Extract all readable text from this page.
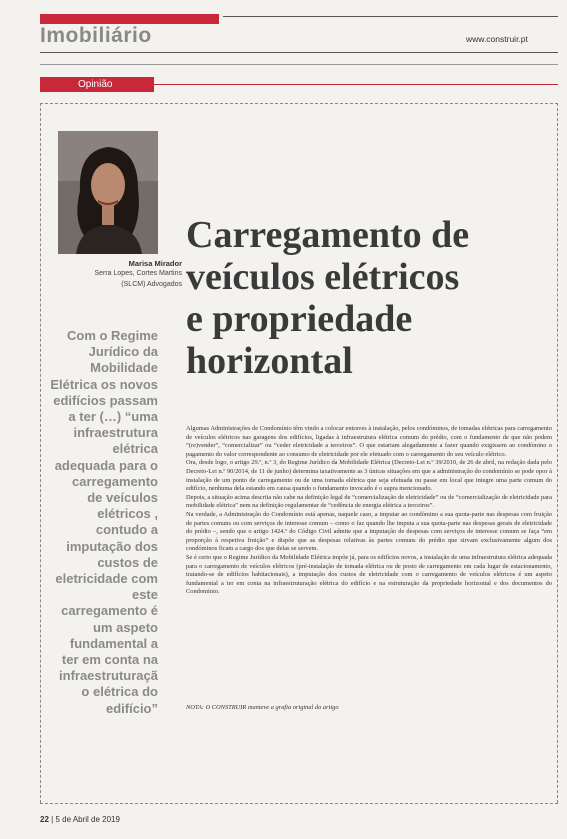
Imobiliário	www.construir.pt
Opinião
Marisa Mirador
Serra Lopes, Cortes Martins
(SLCM) Advogados
Com o Regime
Jurídico da
Mobilidade
Elétrica os novos
edifícios passam
a ter (…) “uma
infraestrutura
elétrica
adequada para o
carregamento
de veículos
elétricos ,
contudo a
imputação dos
custos de
eletricidade com
este
carregamento é
um aspeto
fundamental a
ter em conta na
infraestruturaçã
o elétrica do
edifício”
Carregamento de
veículos elétricos
e propriedade
horizontal

Algumas Administrações de Condomínio têm vindo a colocar entraves à instalação, pelos condóminos, de tomadas elétricas para carregamento de veículos elétricos nas garagens dos edifícios, ligadas à infraestrutura elétrica comum do prédio, com o fundamento de que não podem “(re)vender”, “comercializar” ou “ceder eletricidade a terceiros”. O que estariam alegadamente a fazer quando exigissem ao condómino o pagamento do valor correspondente ao consumo de eletricidade por ele efetuado com o carregamento do seu veículo elétrico.

Ora, desde logo, o artigo 29.º, n.º 3, do Regime Jurídico da Mobilidade Elétrica (Decreto-Lei n.º 39/2010, de 26 de abril, na redação dada pelo Decreto-Lei n.º 90/2014, de 11 de junho) determina taxativamente as 3 únicas situações em que a administração do condomínio se pode opor à instalação de um ponto de carregamento ou de uma tomada elétrica que seja efetuada ou passe em local que integre uma parte comum do edifício, nenhuma dela estando em causa quando o fundamento invocado é o supra mencionado.

Depois, a situação acima descrita não cabe na definição legal de “comercialização de eletricidade” ou de “comercialização de eletricidade para mobilidade elétrica” nem na definição regulamentar de “cedência de energia elétrica a terceiros”.

Na verdade, a Administração do Condomínio está apenas, naquele caso, a imputar ao condómino a sua quota-parte nas despesas com fruição de partes comuns ou com serviços de interesse comum – como o faz quando lhe imputa a sua quota-parte nas despesas gerais de eletricidade do prédio –, sendo que o artigo 1424.º do Código Civil admite que a imputação de despesas com serviços de interesse comum se faça “em proporção à respetiva fruição” e dispõe que as despesas relativas às partes comuns do prédio que sirvam exclusivamente algum dos condóminos ficam a cargo dos que delas se servem.

Se é certo que o Regime Jurídico da Mobilidade Elétrica impõe já, para os edifícios novos, a instalação de uma infraestrutura elétrica adequada para o carregamento de veículos elétricos (pré-instalação de tomada elétrica ou de posto de carregamento em cada lugar de estacionamento, tratando-se de edifícios habitacionais), a imputação dos custos de eletricidade com o carregamento de veículos elétricos é um aspeto fundamental a ter em conta na infraestruturação elétrica do edifício e na estruturação da propriedade horizontal e dos documentos do Condomínio.

NOTA: O CONSTRUIR manteve a grafia original do artigo
22 | 5 de Abril de 2019
